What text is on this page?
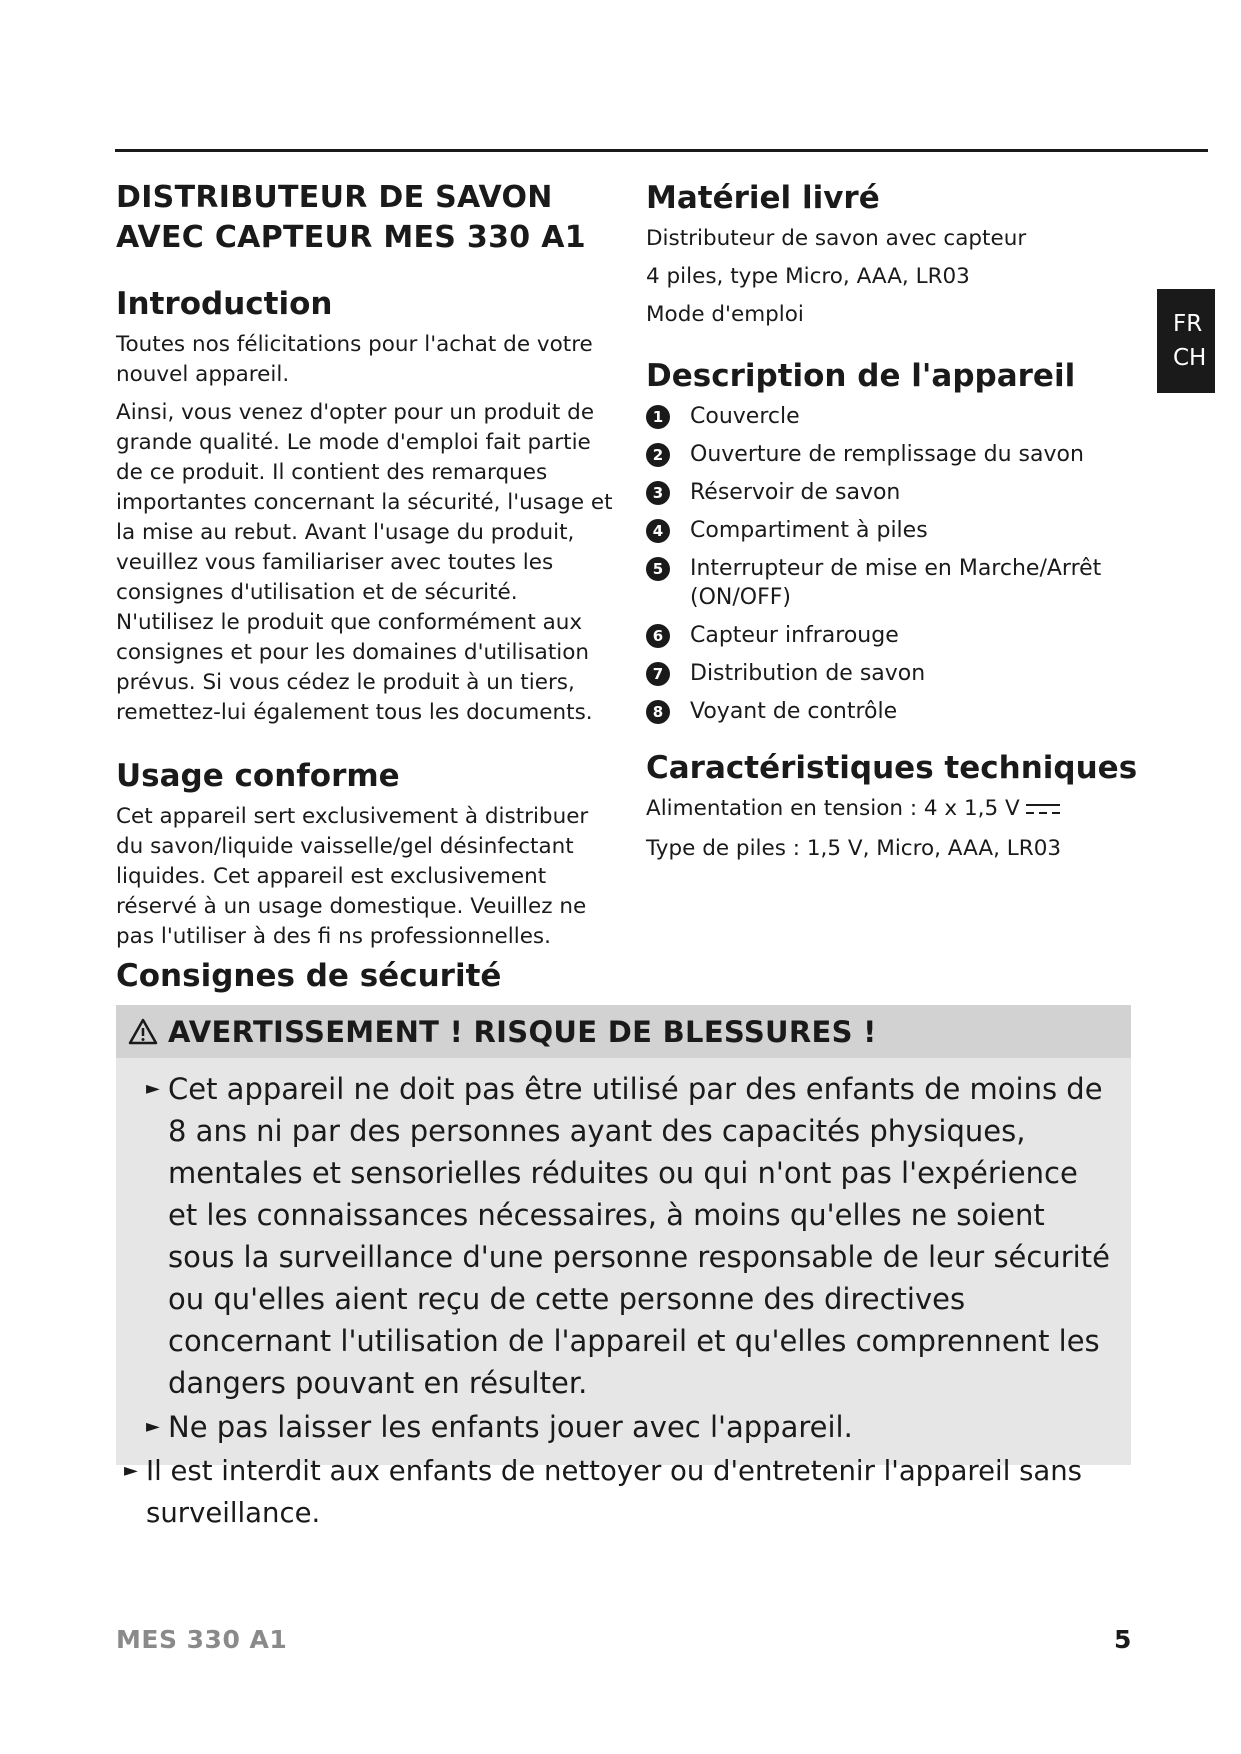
FR
CH
DISTRIBUTEUR DE SAVON
AVEC CAPTEUR MES 330 A1
Introduction

Toutes nos félicitations pour l'achat de votre nouvel appareil.

Ainsi, vous venez d'opter pour un produit de grande qualité. Le mode d'emploi fait partie de ce produit. Il contient des remarques importantes concernant la sécurité, l'usage et la mise au rebut. Avant l'usage du produit, veuillez vous familiariser avec toutes les consignes d'utilisation et de sécurité. N'utilisez le produit que conformément aux consignes et pour les domaines d'utilisation prévus. Si vous cédez le produit à un tiers, remettez-lui également tous les documents.

Usage conforme

Cet appareil sert exclusivement à distribuer du savon/liquide vaisselle/gel désinfectant liquides. Cet appareil est exclusivement réservé à un usage domestique. Veuillez ne pas l'utiliser à des fi ns professionnelles.

Matériel livré
Distributeur de savon avec capteur
4 piles, type Micro, AAA, LR03
Mode d'emploi
Description de l'appareil
1	Couvercle
2	Ouverture de remplissage du savon
3	Réservoir de savon
4	Compartiment à piles
5	Interrupteur de mise en Marche/Arrêt (ON/OFF)
6	Capteur infrarouge
7	Distribution de savon
8	Voyant de contrôle
Caractéristiques techniques
Alimentation en tension : 4 x 1,5 V
Type de piles : 1,5 V, Micro, AAA, LR03
Consignes de sécurité
AVERTISSEMENT ! RISQUE DE BLESSURES !
► Cet appareil ne doit pas être utilisé par des enfants de moins de 8 ans ni par des personnes ayant des capacités physiques, mentales et sensorielles réduites ou qui n'ont pas l'expérience et les connaissances nécessaires, à moins qu'elles ne soient sous la surveillance d'une personne responsable de leur sécurité ou qu'elles aient reçu de cette personne des directives concernant l'utilisation de l'appareil et qu'elles comprennent les dangers pouvant en résulter.
► Ne pas laisser les enfants jouer avec l'appareil.
► Il est interdit aux enfants de nettoyer ou d'entretenir l'appareil sans surveillance.
MES 330 A1	5
